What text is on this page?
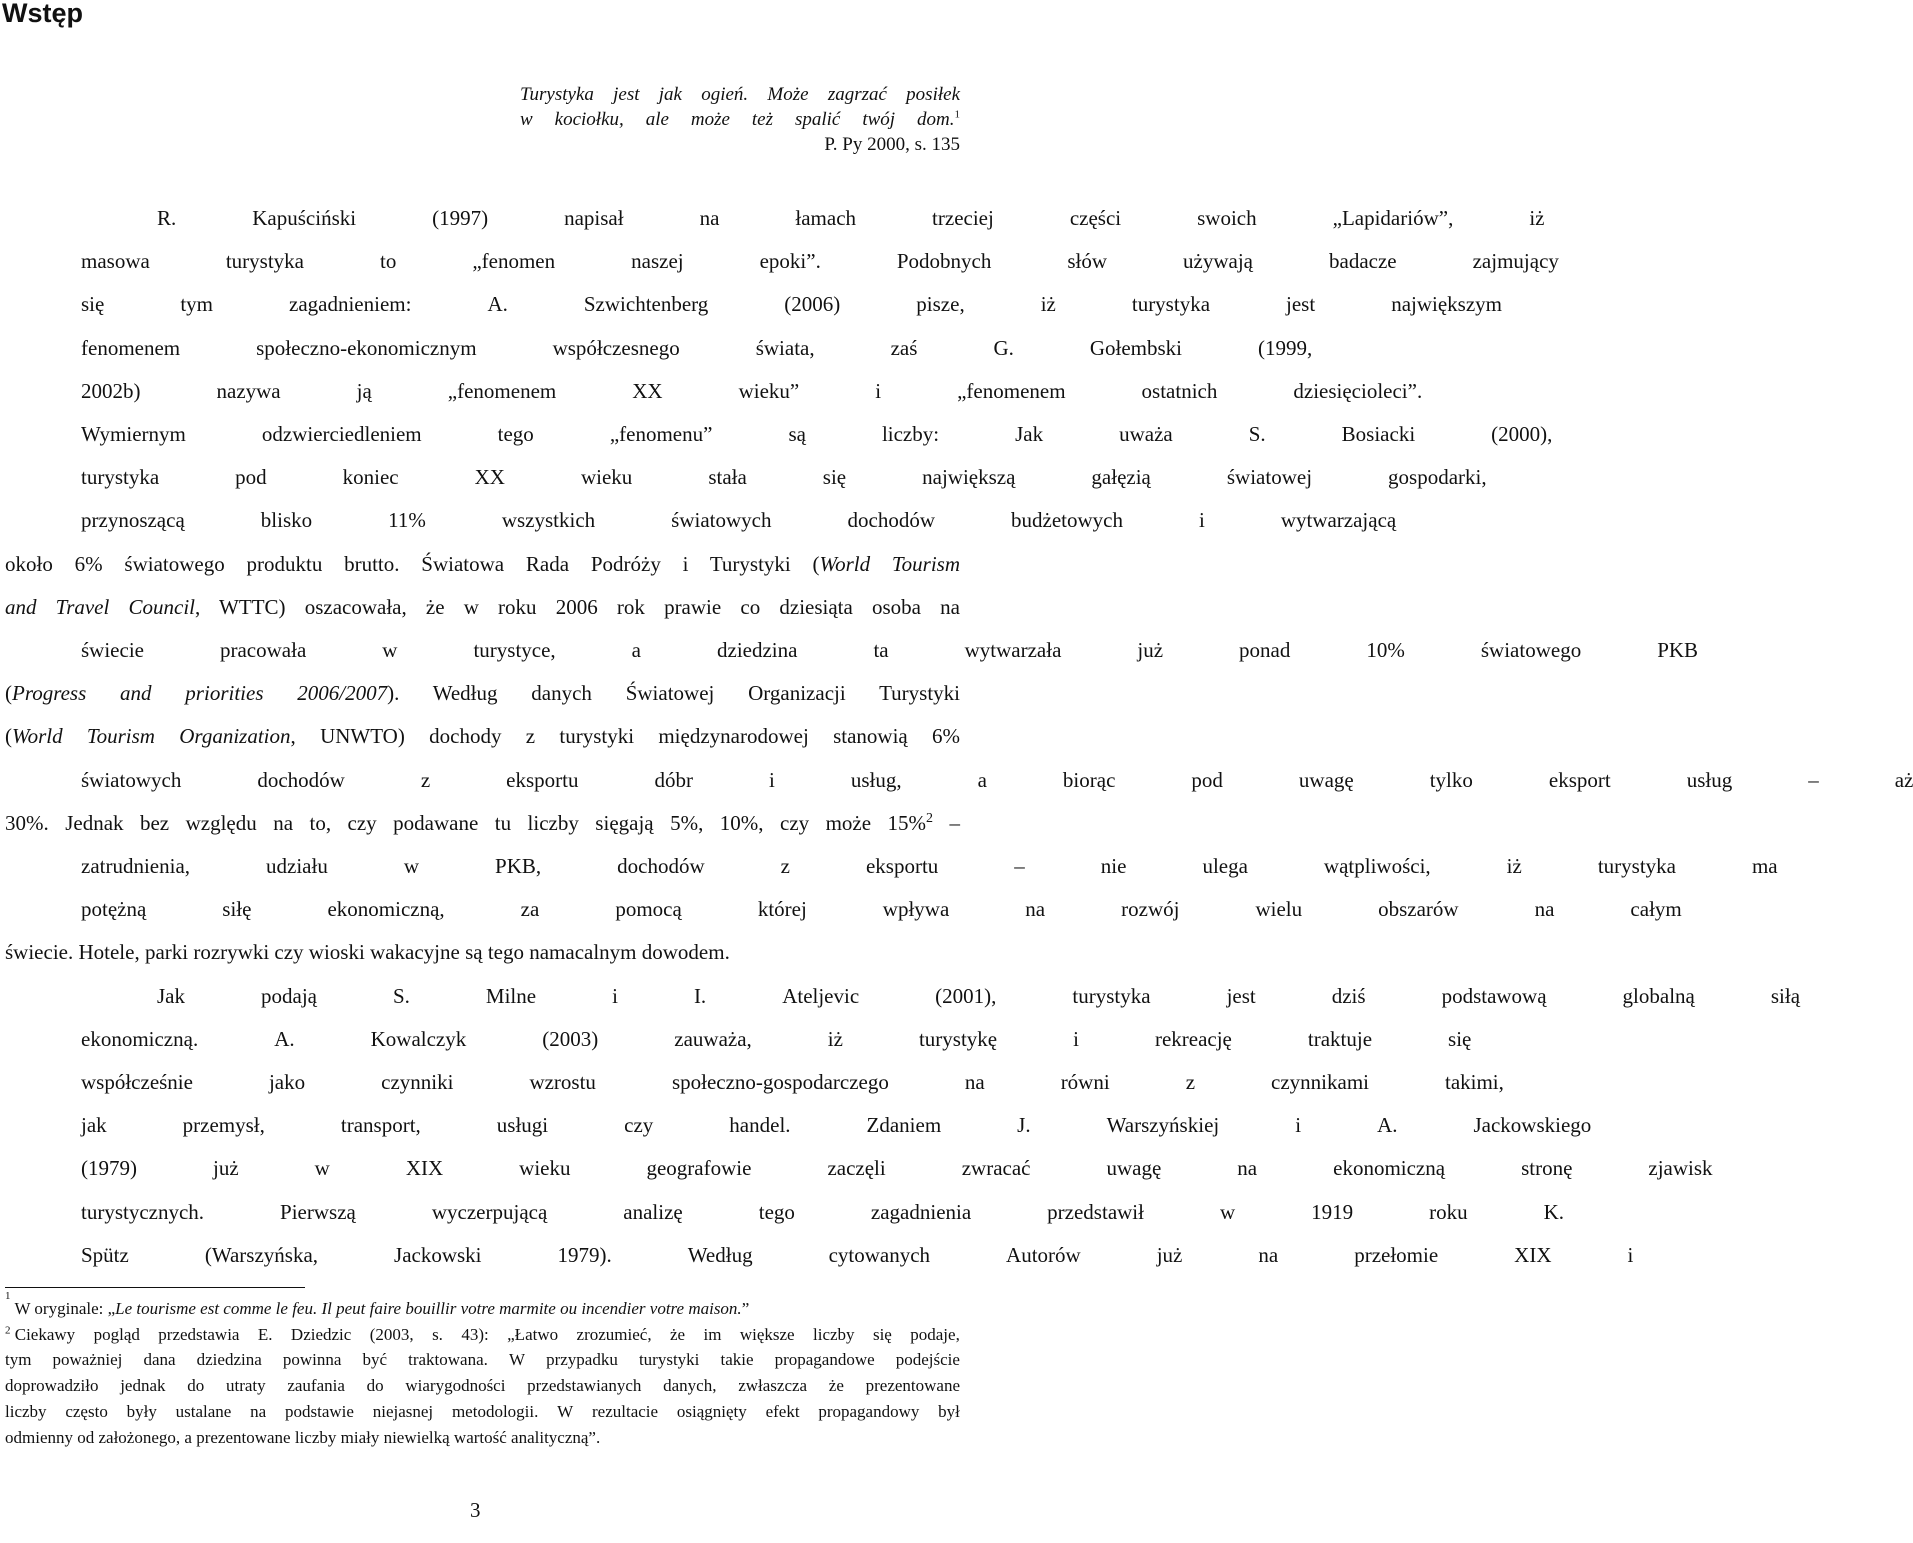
Wstęp
Turystyka jest jak ogień. Może zagrzać posiłek
w kociołku, ale może też spalić twój dom.$^1$
P. Py 2000, s. 135
R.	Kapuściński	(1997)	napisał	na	łamach	trzeciej	części	swoich	„Lapidariów”,	iż
masowa	turystyka	to	„fenomen	naszej	epoki”.	Podobnych	słów	używają	badacze	zajmujący
się	tym	zagadnieniem:	A.	Szwichtenberg	(2006)	pisze,	iż	turystyka	jest	największym
fenomenem	społeczno-ekonomicznym	współczesnego	świata,	zaś	G.	Gołembski	(1999,
2002b)	nazywa	ją	„fenomenem	XX	wieku”	i	„fenomenem	ostatnich	dziesięcioleci”.
Wymiernym	odzwierciedleniem	tego	„fenomenu”	są	liczby:	Jak	uważa	S.	Bosiacki	(2000),
turystyka	pod	koniec	XX	wieku	stała	się	największą	gałęzią	światowej	gospodarki,
przynoszącą	blisko	11%	wszystkich	światowych	dochodów	budżetowych	i	wytwarzającą
około 6% światowego produktu brutto. Światowa Rada Podróży i Turystyki (World Tourism
and Travel Council, WTTC) oszacowała, że w roku 2006 rok prawie co dziesiąta osoba na
świecie	pracowała	w	turystyce,	a	dziedzina	ta	wytwarzała	już	ponad	10%	światowego	PKB
(Progress and priorities 2006/2007). Według danych Światowej Organizacji Turystyki
(World Tourism Organization, UNWTO) dochody z turystyki międzynarodowej stanowią 6%
światowych	dochodów	z	eksportu	dóbr	i	usług,	a	biorąc	pod	uwagę	tylko	eksport	usług	–	aż
30%. Jednak bez względu na to, czy podawane tu liczby sięgają 5%, 10%, czy może 15%$^2$ –
zatrudnienia,	udziału	w	PKB,	dochodów	z	eksportu	–	nie	ulega	wątpliwości,	iż	turystyka	ma
potężną	siłę	ekonomiczną,	za	pomocą	której	wpływa	na	rozwój	wielu	obszarów	na	całym
świecie. Hotele, parki rozrywki czy wioski wakacyjne są tego namacalnym dowodem.
Jak	podają	S.	Milne	i	I.	Ateljevic	(2001),	turystyka	jest	dziś	podstawową	globalną	siłą
ekonomiczną.	A.	Kowalczyk	(2003)	zauważa,	iż	turystykę	i	rekreację	traktuje	się
współcześnie	jako	czynniki	wzrostu	społeczno-gospodarczego	na	równi	z	czynnikami	takimi,
jak	przemysł,	transport,	usługi	czy	handel.	Zdaniem	J.	Warszyńskiej	i	A.	Jackowskiego
(1979)	już	w	XIX	wieku	geografowie	zaczęli	zwracać	uwagę	na	ekonomiczną	stronę	zjawisk
turystycznych.	Pierwszą	wyczerpującą	analizę	tego	zagadnienia	przedstawił	w	1919	roku	K.
Spütz	(Warszyńska,	Jackowski	1979).	Według	cytowanych	Autorów	już	na	przełomie	XIX	i
1
W oryginale: „ Le tourisme est comme le feu. Il peut faire bouillir votre marmite ou incendier votre maison. ”
$^2$ Ciekawy pogląd przedstawia E. Dziedzic (2003, s. 43): „Łatwo zrozumieć, że im większe liczby się podaje,
tym poważniej dana dziedzina powinna być traktowana. W przypadku turystyki takie propagandowe podejście
doprowadziło jednak do utraty zaufania do wiarygodności przedstawianych danych, zwłaszcza że prezentowane
liczby często były ustalane na podstawie niejasnej metodologii. W rezultacie osiągnięty efekt propagandowy był
odmienny od założonego, a prezentowane liczby miały niewielką wartość analityczną”.
3
